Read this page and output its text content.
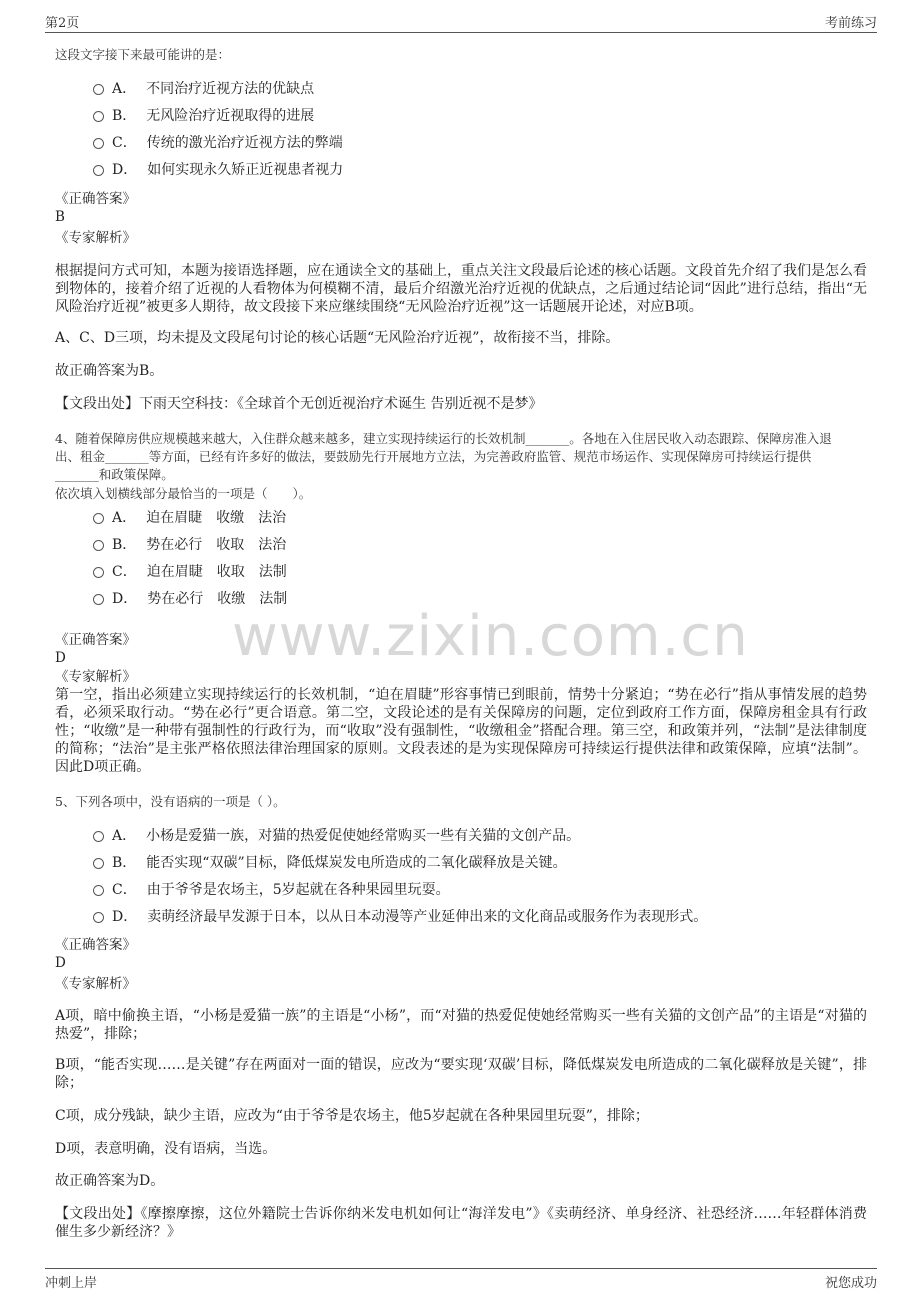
第2页	考前练习
冲刺上岸	祝您成功
www.zixin.com.cn
这段文字接下来最可能讲的是：
A． 不同治疗近视方法的优缺点
B． 无风险治疗近视取得的进展
C． 传统的激光治疗近视方法的弊端
D． 如何实现永久矫正近视患者视力
《正确答案》
B
《专家解析》
根据提问方式可知，本题为接语选择题，应在通读全文的基础上，重点关注文段最后论述的核心话题。文段首先介绍了我们是怎么看到物体的，接着介绍了近视的人看物体为何模糊不清，最后介绍激光治疗近视的优缺点，之后通过结论词“因此”进行总结，指出“无风险治疗近视”被更多人期待，故文段接下来应继续围绕“无风险治疗近视”这一话题展开论述，对应B项。
A、C、D三项，均未提及文段尾句讨论的核心话题“无风险治疗近视”，故衔接不当，排除。
故正确答案为B。
【文段出处】下雨天空科技：《全球首个无创近视治疗术诞生 告别近视不是梦》
4、随着保障房供应规模越来越大，入住群众越来越多，建立实现持续运行的长效机制_______。各地在入住居民收入动态跟踪、保障房准入退
出、租金_______等方面，已经有许多好的做法，要鼓励先行开展地方立法，为完善政府监管、规范市场运作、实现保障房可持续运行提供
_______和政策保障。
依次填入划横线部分最恰当的一项是（　　）。
A． 迫在眉睫　收缴　法治
B． 势在必行　收取　法治
C． 迫在眉睫　收取　法制
D． 势在必行　收缴　法制
《正确答案》
D
《专家解析》
第一空，指出必须建立实现持续运行的长效机制，“迫在眉睫”形容事情已到眼前，情势十分紧迫；“势在必行”指从事情发展的趋势看，必须采取行动。“势在必行”更合语意。第二空，文段论述的是有关保障房的问题，定位到政府工作方面，保障房租金具有行政性；“收缴”是一种带有强制性的行政行为，而“收取”没有强制性，“收缴租金”搭配合理。第三空，和政策并列，“法制”是法律制度的简称；“法治”是主张严格依照法律治理国家的原则。文段表述的是为实现保障房可持续运行提供法律和政策保障，应填“法制”。因此D项正确。
5、下列各项中，没有语病的一项是（ ）。
A． 小杨是爱猫一族，对猫的热爱促使她经常购买一些有关猫的文创产品。
B． 能否实现“双碳”目标，降低煤炭发电所造成的二氧化碳释放是关键。
C． 由于爷爷是农场主，5岁起就在各种果园里玩耍。
D． 卖萌经济最早发源于日本，以从日本动漫等产业延伸出来的文化商品或服务作为表现形式。
《正确答案》
D
《专家解析》
A项，暗中偷换主语，“小杨是爱猫一族”的主语是“小杨”，而“对猫的热爱促使她经常购买一些有关猫的文创产品”的主语是“对猫的热爱”，排除；
B项，“能否实现……是关键”存在两面对一面的错误，应改为“要实现‘双碳’目标，降低煤炭发电所造成的二氧化碳释放是关键”，排除；
C项，成分残缺，缺少主语，应改为“由于爷爷是农场主，他5岁起就在各种果园里玩耍”，排除；
D项，表意明确，没有语病，当选。
故正确答案为D。
【文段出处】《摩擦摩擦，这位外籍院士告诉你纳米发电机如何让“海洋发电”》《卖萌经济、单身经济、社恐经济……年轻群体消费催生多少新经济？》
